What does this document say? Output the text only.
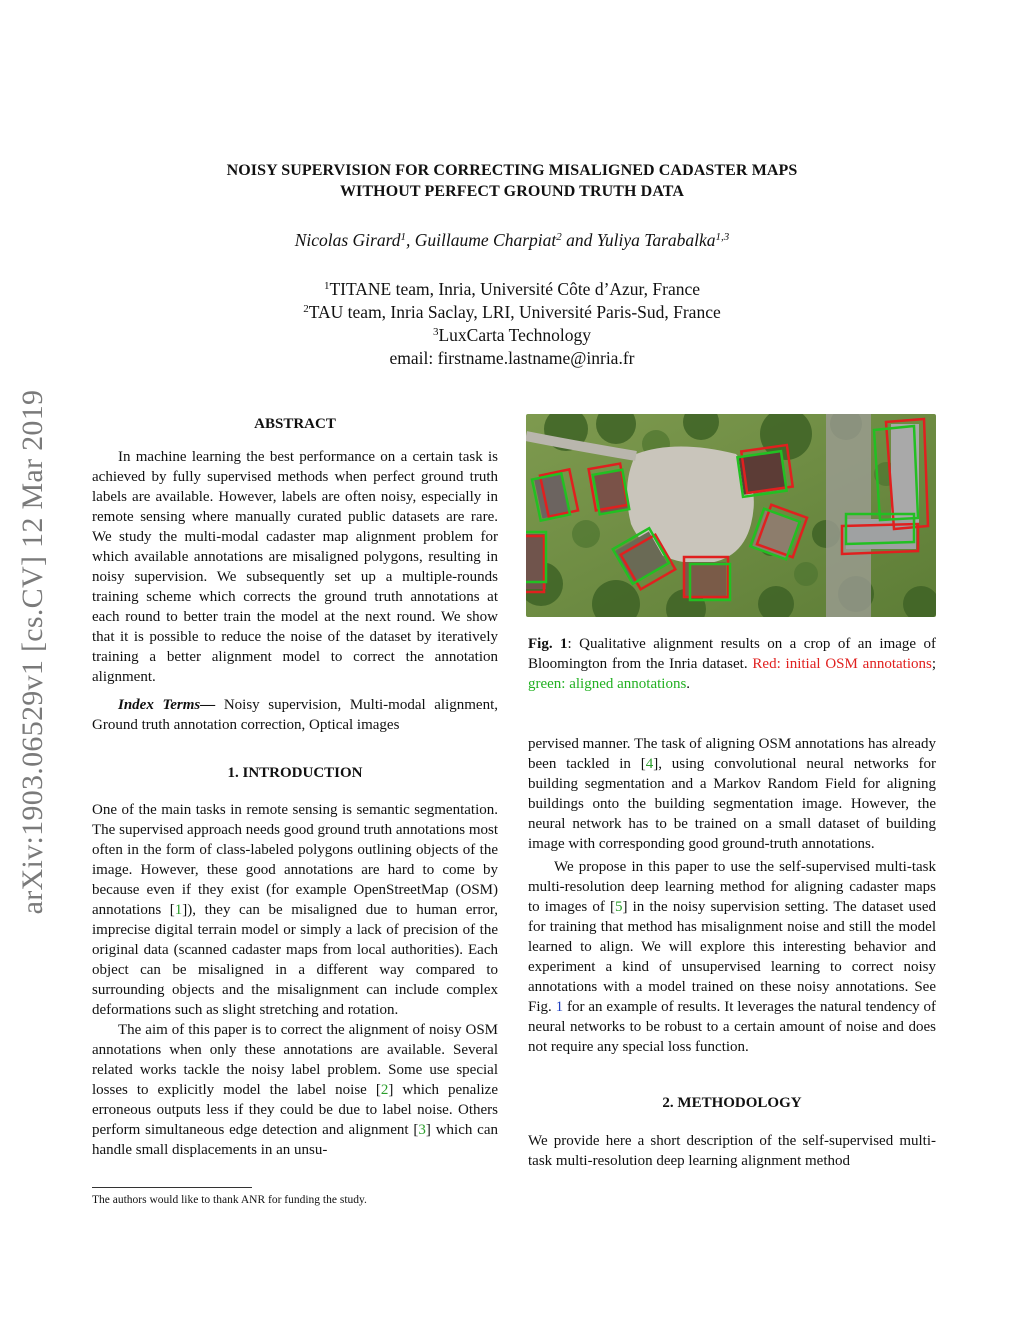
NOISY SUPERVISION FOR CORRECTING MISALIGNED CADASTER MAPS
WITHOUT PERFECT GROUND TRUTH DATA
Nicolas Girard$^1$, Guillaume Charpiat$^2$ and Yuliya Tarabalka$^{1,3}$
$^1$TITANE team, Inria, Université Côte d’Azur, France
$^2$TAU team, Inria Saclay, LRI, Université Paris-Sud, France
$^3$LuxCarta Technology
email: firstname.lastname@inria.fr
arXiv:1903.06529v1 [cs.CV] 12 Mar 2019	ABSTRACT

In machine learning the best performance on a certain task is achieved by fully supervised methods when perfect ground truth labels are available. However, labels are often noisy, especially in remote sensing where manually curated public datasets are rare. We study the multi-modal cadaster map alignment problem for which available annotations are misaligned polygons, resulting in noisy supervision. We subsequently set up a multiple-rounds training scheme which corrects the ground truth annotations at each round to better train the model at the next round. We show that it is possible to reduce the noise of the dataset by iteratively training a better alignment model to correct the annotation alignment.

Index Terms— Noisy supervision, Multi-modal alignment, Ground truth annotation correction, Optical images

1. INTRODUCTION

One of the main tasks in remote sensing is semantic segmentation. The supervised approach needs good ground truth annotations most often in the form of class-labeled polygons outlining objects of the image. However, these good annotations are hard to come by because even if they exist (for example OpenStreetMap (OSM) annotations [1]), they can be misaligned due to human error, imprecise digital terrain model or simply a lack of precision of the original data (scanned cadaster maps from local authorities). Each object can be misaligned in a different way compared to surrounding objects and the misalignment can include complex deformations such as slight stretching and rotation.

The aim of this paper is to correct the alignment of noisy OSM annotations when only these annotations are available. Several related works tackle the noisy label problem. Some use special losses to explicitly model the label noise [2] which penalize erroneous outputs less if they could be due to label noise. Others perform simultaneous edge detection and alignment [3] which can handle small displacements in an unsu-

The authors would like to thank ANR for funding the study.

Fig. 1: Qualitative alignment results on a crop of an image of Bloomington from the Inria dataset. Red: initial OSM annotations; green: aligned annotations.

pervised manner. The task of aligning OSM annotations has already been tackled in [4], using convolutional neural networks for building segmentation and a Markov Random Field for aligning buildings onto the building segmentation image. However, the neural network has to be trained on a small dataset of building image with corresponding good ground-truth annotations.

We propose in this paper to use the self-supervised multi-task multi-resolution deep learning method for aligning cadaster maps to images of [5] in the noisy supervision setting. The dataset used for training that method has misalignment noise and still the model learned to align. We will explore this interesting behavior and experiment a kind of unsupervised learning to correct noisy annotations with a model trained on these noisy annotations. See Fig. 1 for an example of results. It leverages the natural tendency of neural networks to be robust to a certain amount of noise and does not require any special loss function.

2. METHODOLOGY

We provide here a short description of the self-supervised multi-task multi-resolution deep learning alignment method
